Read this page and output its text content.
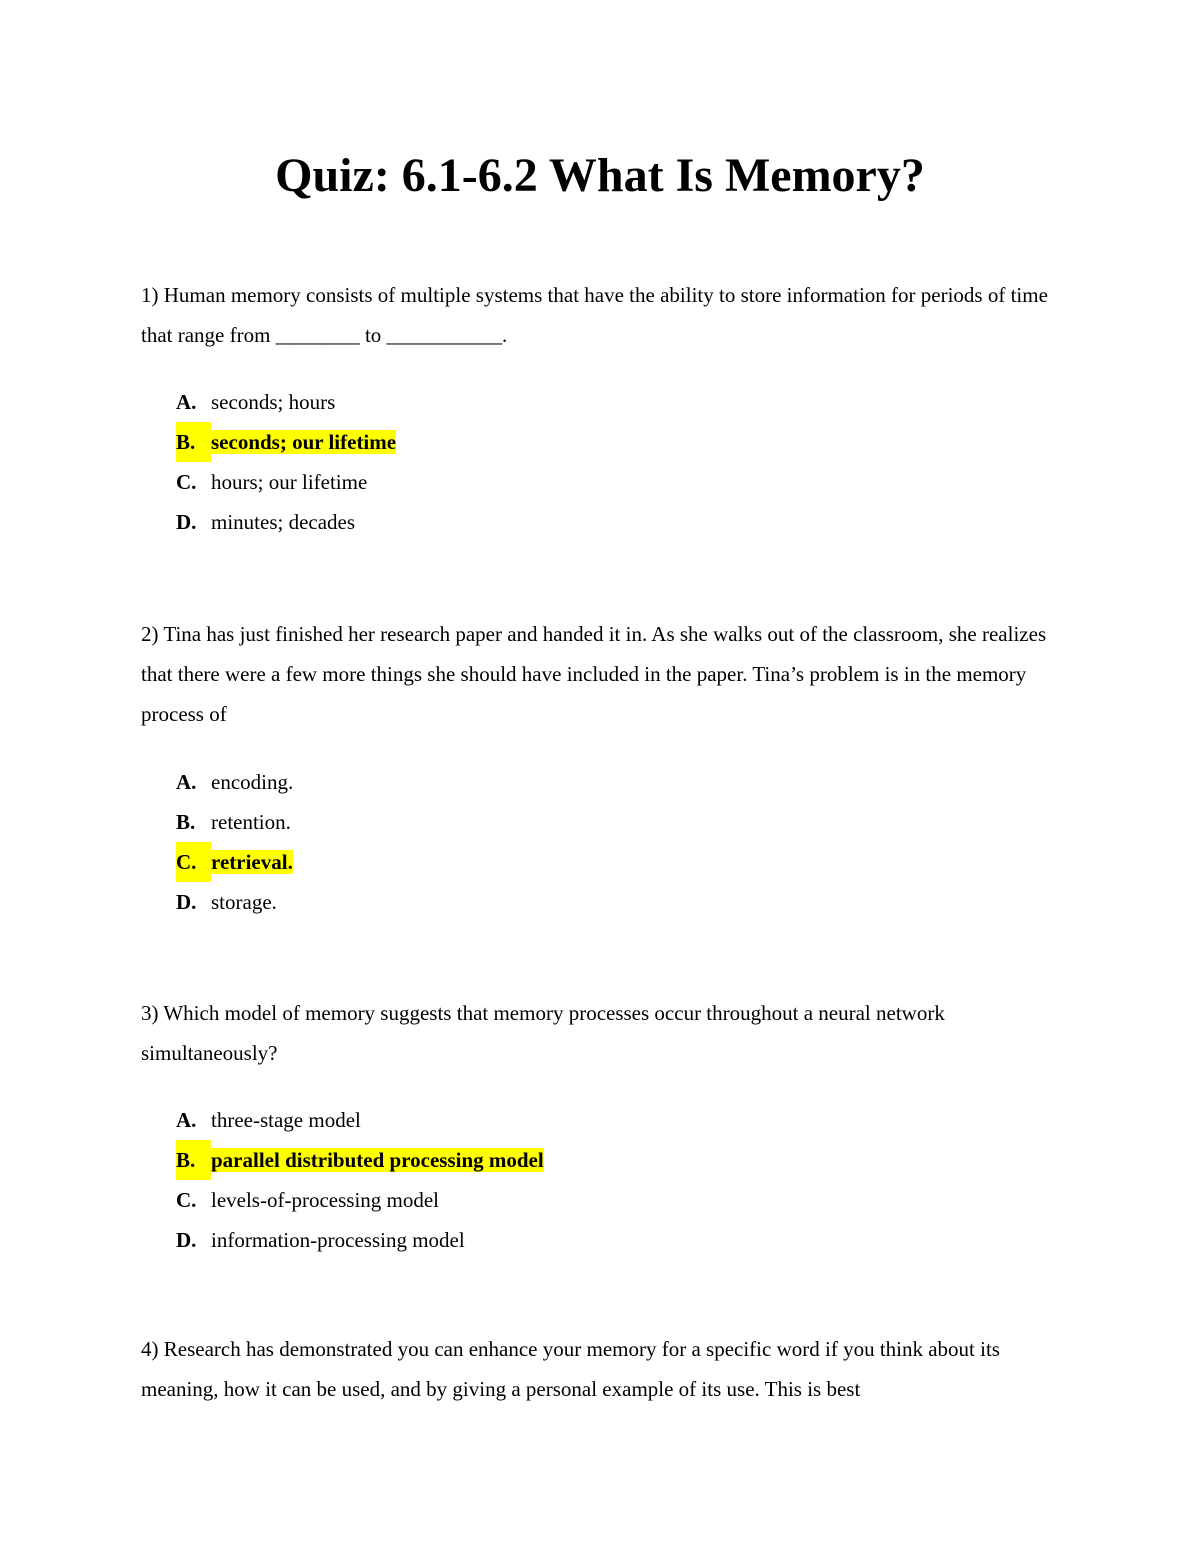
Quiz: 6.1-6.2 What Is Memory?

1) Human memory consists of multiple systems that have the ability to store information for periods of time that range from ________ to ___________.

A. seconds; hours
B. seconds; our lifetime
C. hours; our lifetime
D. minutes; decades

2) Tina has just finished her research paper and handed it in. As she walks out of the classroom, she realizes that there were a few more things she should have included in the paper. Tina’s problem is in the memory process of

A. encoding.
B. retention.
C. retrieval.
D. storage.

3) Which model of memory suggests that memory processes occur throughout a neural network simultaneously?

A. three-stage model
B. parallel distributed processing model
C. levels-of-processing model
D. information-processing model

4) Research has demonstrated you can enhance your memory for a specific word if you think about its meaning, how it can be used, and by giving a personal example of its use. This is best
